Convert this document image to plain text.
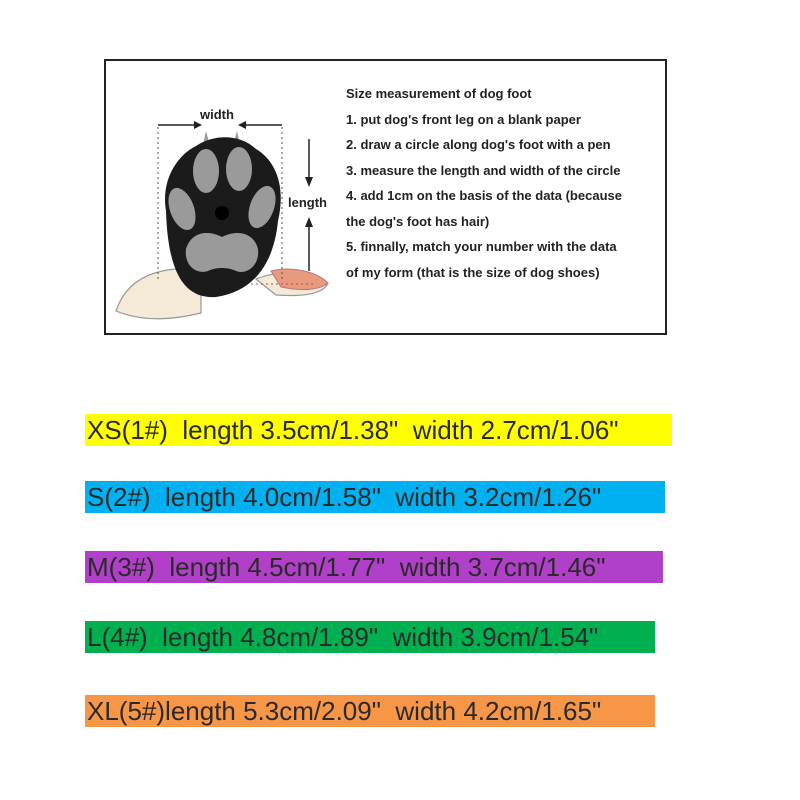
width
length
Size measurement of dog foot
1. put dog's front leg on a blank paper
2. draw a circle along dog's foot with a pen
3. measure the length and width of the circle
4. add 1cm on the basis of the data (because
the dog's foot has hair)
5. finnally, match your number with the data
of my form (that is the size of dog shoes)
XS(1#)  length 3.5cm/1.38"  width 2.7cm/1.06"
S(2#)  length 4.0cm/1.58"  width 3.2cm/1.26"
M(3#)  length 4.5cm/1.77"  width 3.7cm/1.46"
L(4#)  length 4.8cm/1.89"  width 3.9cm/1.54"
XL(5#)length 5.3cm/2.09"  width 4.2cm/1.65"
